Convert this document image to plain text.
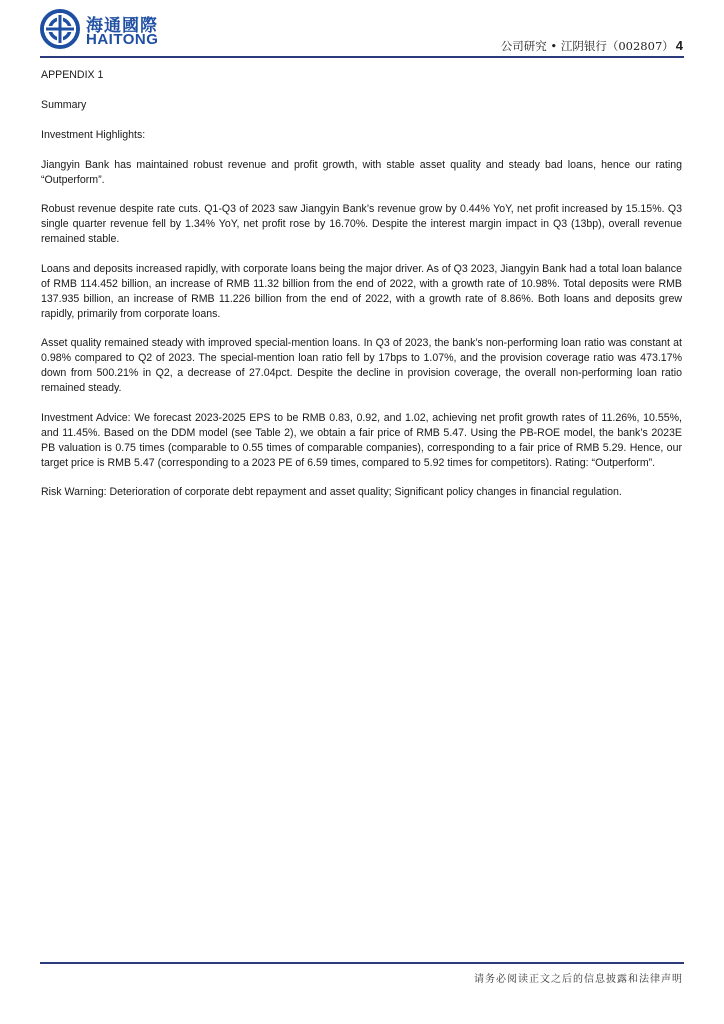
海通國際
HAITONG	公司研究 • 江阴银行（002807） 4

APPENDIX 1

Summary

Investment Highlights:

Jiangyin Bank has maintained robust revenue and profit growth, with stable asset quality and steady bad loans, hence our rating “Outperform”.

Robust revenue despite rate cuts. Q1-Q3 of 2023 saw Jiangyin Bank’s revenue grow by 0.44% YoY, net profit increased by 15.15%. Q3 single quarter revenue fell by 1.34% YoY, net profit rose by 16.70%. Despite the interest margin impact in Q3 (13bp), overall revenue remained stable.

Loans and deposits increased rapidly, with corporate loans being the major driver. As of Q3 2023, Jiangyin Bank had a total loan balance of RMB 114.452 billion, an increase of RMB 11.32 billion from the end of 2022, with a growth rate of 10.98%. Total deposits were RMB 137.935 billion, an increase of RMB 11.226 billion from the end of 2022, with a growth rate of 8.86%. Both loans and deposits grew rapidly, primarily from corporate loans.

Asset quality remained steady with improved special-mention loans. In Q3 of 2023, the bank’s non-performing loan ratio was constant at 0.98% compared to Q2 of 2023. The special-mention loan ratio fell by 17bps to 1.07%, and the provision coverage ratio was 473.17% down from 500.21% in Q2, a decrease of 27.04pct. Despite the decline in provision coverage, the overall non-performing loan ratio remained steady.

Investment Advice: We forecast 2023-2025 EPS to be RMB 0.83, 0.92, and 1.02, achieving net profit growth rates of 11.26%, 10.55%, and 11.45%. Based on the DDM model (see Table 2), we obtain a fair price of RMB 5.47. Using the PB-ROE model, the bank’s 2023E PB valuation is 0.75 times (comparable to 0.55 times of comparable companies), corresponding to a fair price of RMB 5.29. Hence, our target price is RMB 5.47 (corresponding to a 2023 PE of 6.59 times, compared to 5.92 times for competitors). Rating: “Outperform”.

Risk Warning: Deterioration of corporate debt repayment and asset quality; Significant policy changes in financial regulation.

请务必阅读正文之后的信息披露和法律声明
